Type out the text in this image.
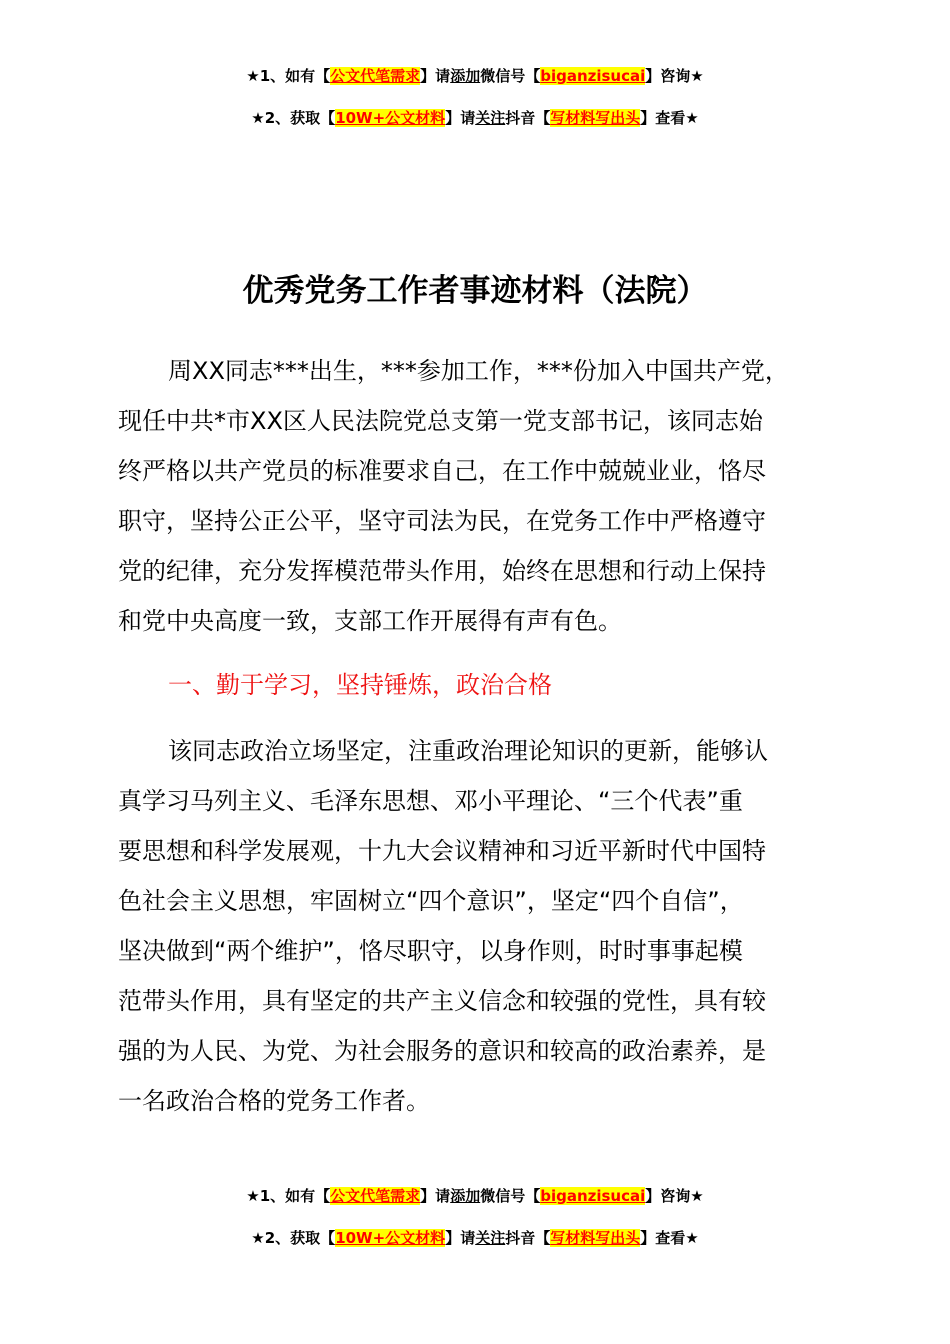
★1、如有【公文代笔需求】请添加微信号【biganzisucai】咨询★
★2、获取【10W+公文材料】请关注抖音【写材料写出头】查看★
优秀党务工作者事迹材料（法院）
周XX同志***出生，***参加工作，***份加入中国共产党，
现任中共*市XX区人民法院党总支第一党支部书记，该同志始
终严格以共产党员的标准要求自己，在工作中兢兢业业，恪尽
职守，坚持公正公平，坚守司法为民，在党务工作中严格遵守
党的纪律，充分发挥模范带头作用，始终在思想和行动上保持
和党中央高度一致，支部工作开展得有声有色。
一、勤于学习，坚持锤炼，政治合格
该同志政治立场坚定，注重政治理论知识的更新，能够认
真学习马列主义、毛泽东思想、邓小平理论、“三个代表”重
要思想和科学发展观，十九大会议精神和习近平新时代中国特
色社会主义思想，牢固树立“四个意识”，坚定“四个自信”，
坚决做到“两个维护”，恪尽职守，以身作则，时时事事起模
范带头作用，具有坚定的共产主义信念和较强的党性，具有较
强的为人民、为党、为社会服务的意识和较高的政治素养，是
一名政治合格的党务工作者。
★1、如有【公文代笔需求】请添加微信号【biganzisucai】咨询★
★2、获取【10W+公文材料】请关注抖音【写材料写出头】查看★
